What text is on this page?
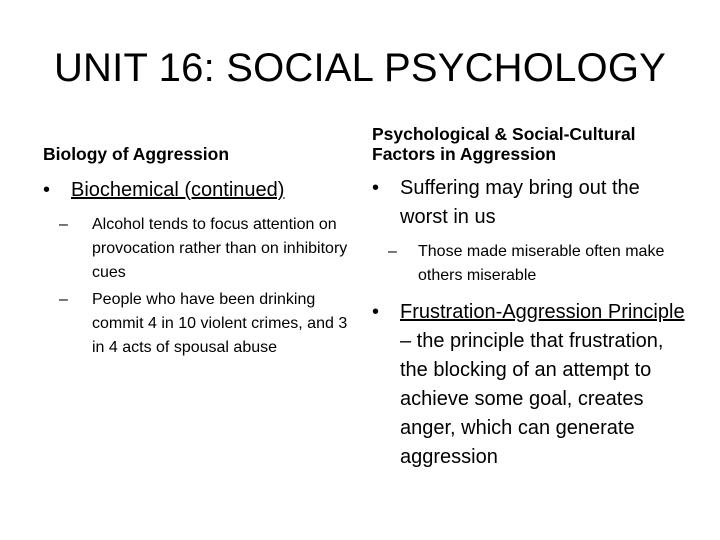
UNIT 16: SOCIAL PSYCHOLOGY
Biology of Aggression
• Biochemical (continued)
– Alcohol tends to focus attention on provocation rather than on inhibitory cues
– People who have been drinking commit 4 in 10 violent crimes, and 3 in 4 acts of spousal abuse
Psychological & Social-Cultural Factors in Aggression
• Suffering may bring out the worst in us
– Those made miserable often make others miserable
• Frustration-Aggression Principle – the principle that frustration, the blocking of an attempt to achieve some goal, creates anger, which can generate aggression
